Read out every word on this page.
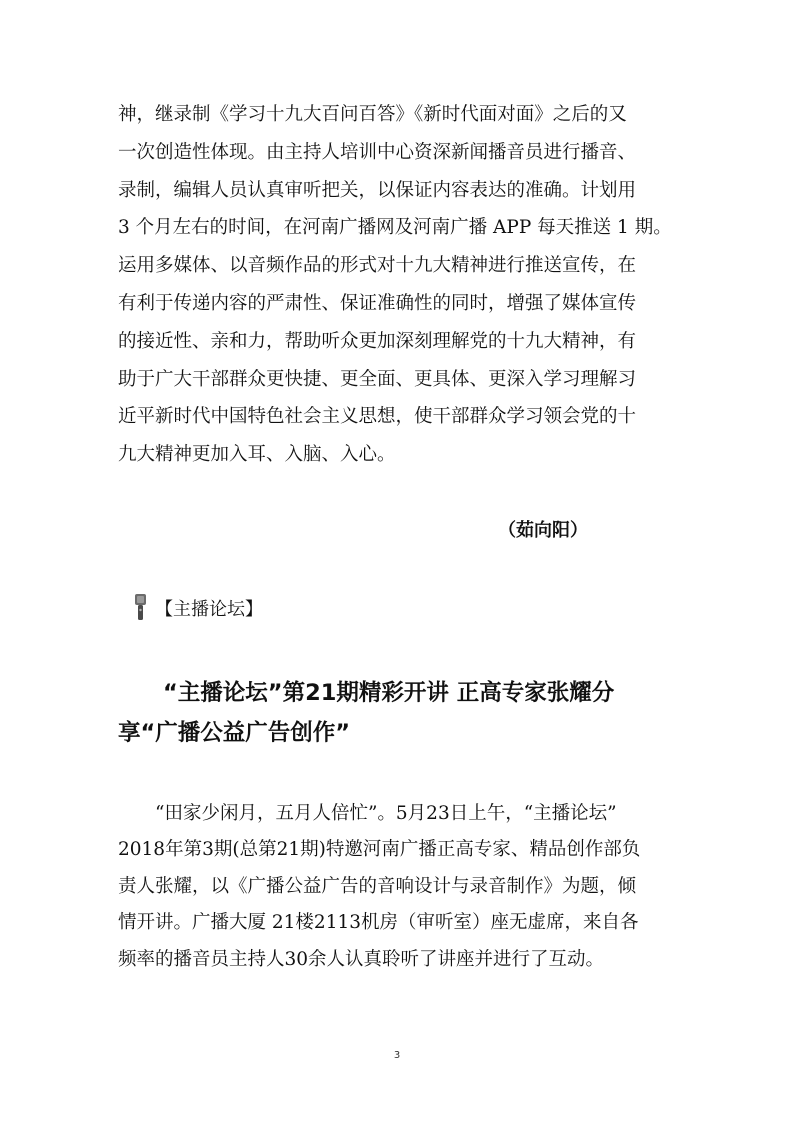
神，继录制《学习十九大百问百答》《新时代面对面》之后的又
一次创造性体现。由主持人培训中心资深新闻播音员进行播音、
录制，编辑人员认真审听把关，以保证内容表达的准确。计划用
3 个月左右的时间，在河南广播网及河南广播 APP 每天推送 1 期。
运用多媒体、以音频作品的形式对十九大精神进行推送宣传，在
有利于传递内容的严肃性、保证准确性的同时，增强了媒体宣传
的接近性、亲和力，帮助听众更加深刻理解党的十九大精神，有
助于广大干部群众更快捷、更全面、更具体、更深入学习理解习
近平新时代中国特色社会主义思想，使干部群众学习领会党的十
九大精神更加入耳、入脑、入心。
（茹向阳）
【主播论坛】
　　“主播论坛”第21期精彩开讲 正高专家张耀分
享“广播公益广告创作”
　　“田家少闲月，五月人倍忙”。5月23日上午，“主播论坛”
2018年第3期(总第21期)特邀河南广播正高专家、精品创作部负
责人张耀，以《广播公益广告的音响设计与录音制作》为题，倾
情开讲。广播大厦 21楼2113机房（审听室）座无虚席，来自各
频率的播音员主持人30余人认真聆听了讲座并进行了互动。
3
